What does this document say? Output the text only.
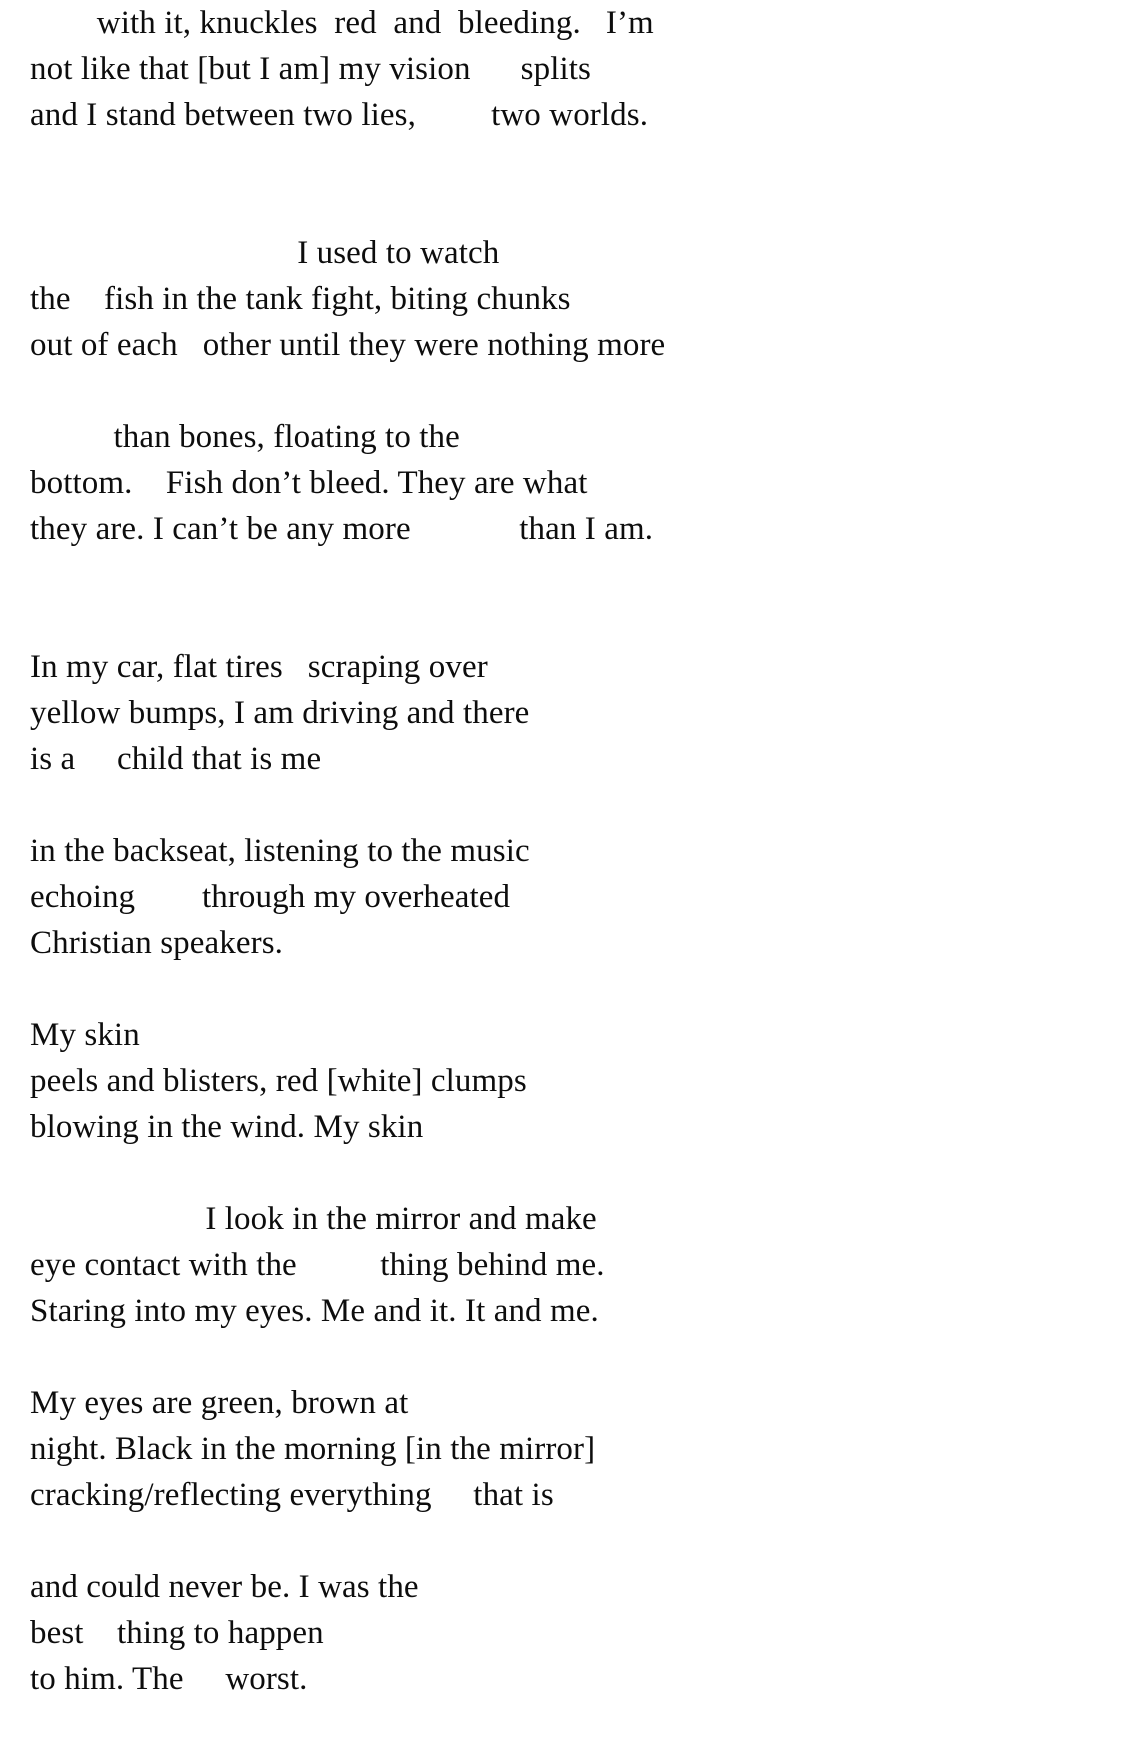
with it, knuckles  red  and  bleeding.   I’m
not like that [but I am] my vision      splits
and I stand between two lies,         two worlds.
I used to watch
the    fish in the tank fight, biting chunks
out of each   other until they were nothing more
than bones, floating to the
bottom.    Fish don’t bleed. They are what
they are. I can’t be any more             than I am.
In my car, flat tires   scraping over
yellow bumps, I am driving and there
is a     child that is me
in the backseat, listening to the music
echoing        through my overheated
Christian speakers.
My skin
peels and blisters, red [white] clumps
blowing in the wind. My skin
I look in the mirror and make
eye contact with the          thing behind me.
Staring into my eyes. Me and it. It and me.
My eyes are green, brown at
night. Black in the morning [in the mirror]
cracking/reflecting everything     that is
and could never be. I was the
best    thing to happen
to him. The     worst.
